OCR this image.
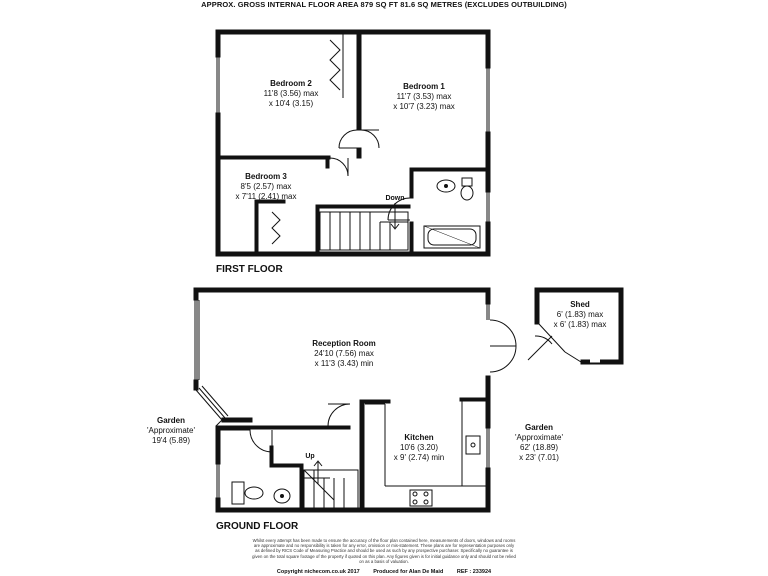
APPROX. GROSS INTERNAL FLOOR AREA 879 SQ FT 81.6 SQ METRES (EXCLUDES OUTBUILDING)
Bedroom 2
11'8 (3.56) max
x 10'4 (3.15)
Bedroom 1
11'7 (3.53) max
x 10'7 (3.23) max
Bedroom 3
8'5 (2.57) max
x 7'11 (2.41) max	Down
FIRST FLOOR
Reception Room
24'10 (7.56) max
x 11'3 (3.43) min
Kitchen
10'6 (3.20)
x 9' (2.74) min
Shed
6' (1.83) max
x 6' (1.83) max
Up
Garden
'Approximate'
19'4 (5.89)
Garden
'Approximate'
62' (18.89)
x 23' (7.01)
GROUND FLOOR
Whilst every attempt has been made to ensure the accuracy of the floor plan contained here, measurements of doors, windows and rooms
are approximate and no responsibility is taken for any error, omission or mis-statement. These plans are for representation purposes only
as defined by RICS Code of Measuring Practice and should be used as such by any prospective purchaser. Specifically no guarantee is
given on the total square footage of the property if quoted on this plan. Any figures given is for initial guidance only and should not be relied
on as a basis of valuation.
Copyright nichecom.co.uk 2017 Produced for Alan De Maid REF : 233924
